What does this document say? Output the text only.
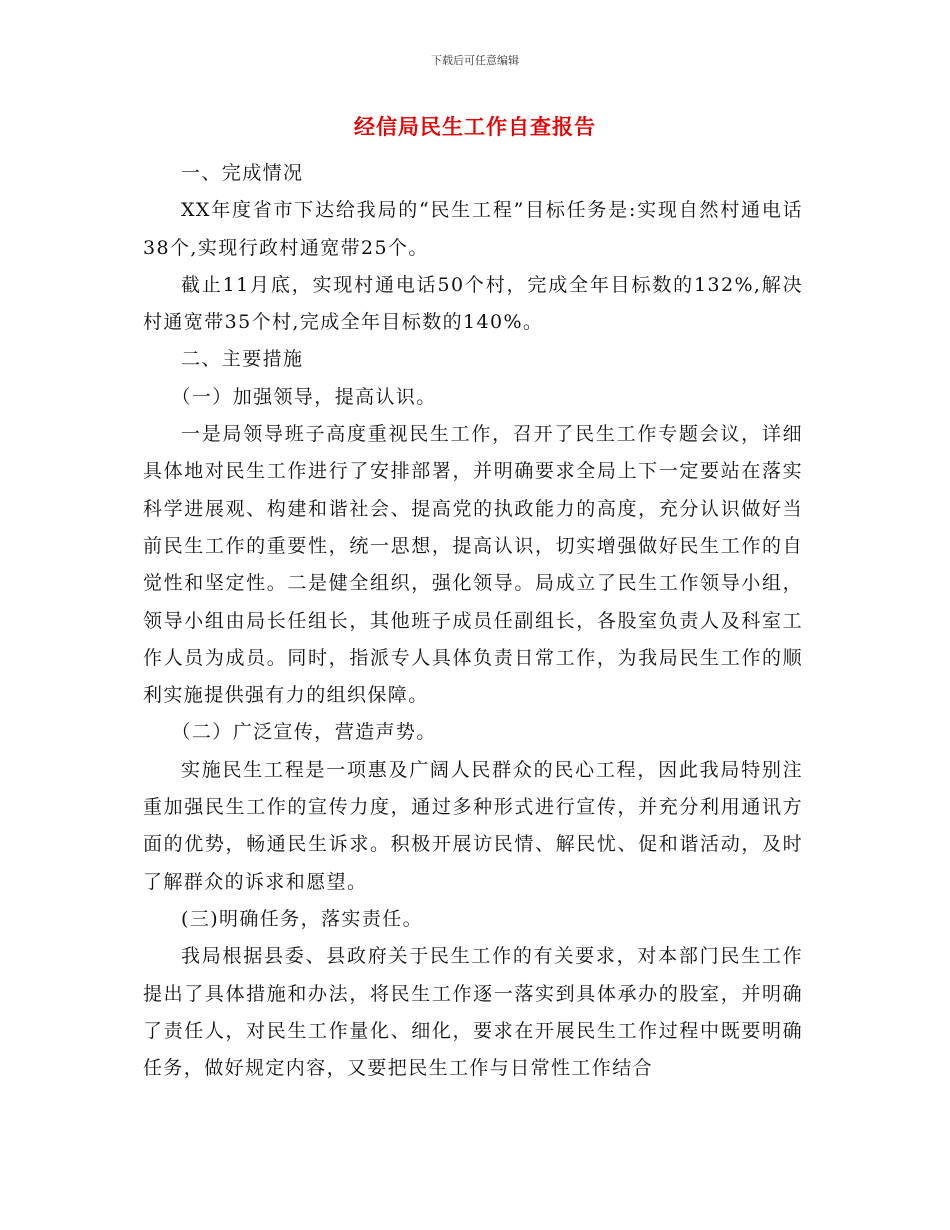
下载后可任意编辑
经信局民生工作自查报告

一、完成情况

XX年度省市下达给我局的“民生工程”目标任务是:实现自然村通电话38个,实现行政村通宽带25个。

截止11月底，实现村通电话50个村，完成全年目标数的132%,解决村通宽带35个村,完成全年目标数的140%。

二、主要措施

（一）加强领导，提高认识。

一是局领导班子高度重视民生工作，召开了民生工作专题会议，详细具体地对民生工作进行了安排部署，并明确要求全局上下一定要站在落实科学进展观、构建和谐社会、提高党的执政能力的高度，充分认识做好当前民生工作的重要性，统一思想，提高认识，切实增强做好民生工作的自觉性和坚定性。二是健全组织，强化领导。局成立了民生工作领导小组，领导小组由局长任组长，其他班子成员任副组长，各股室负责人及科室工作人员为成员。同时，指派专人具体负责日常工作，为我局民生工作的顺利实施提供强有力的组织保障。

（二）广泛宣传，营造声势。

实施民生工程是一项惠及广阔人民群众的民心工程，因此我局特别注重加强民生工作的宣传力度，通过多种形式进行宣传，并充分利用通讯方面的优势，畅通民生诉求。积极开展访民情、解民忧、促和谐活动，及时了解群众的诉求和愿望。

(三)明确任务，落实责任。

我局根据县委、县政府关于民生工作的有关要求，对本部门民生工作提出了具体措施和办法，将民生工作逐一落实到具体承办的股室，并明确了责任人，对民生工作量化、细化，要求在开展民生工作过程中既要明确任务，做好规定内容，又要把民生工作与日常性工作结合
